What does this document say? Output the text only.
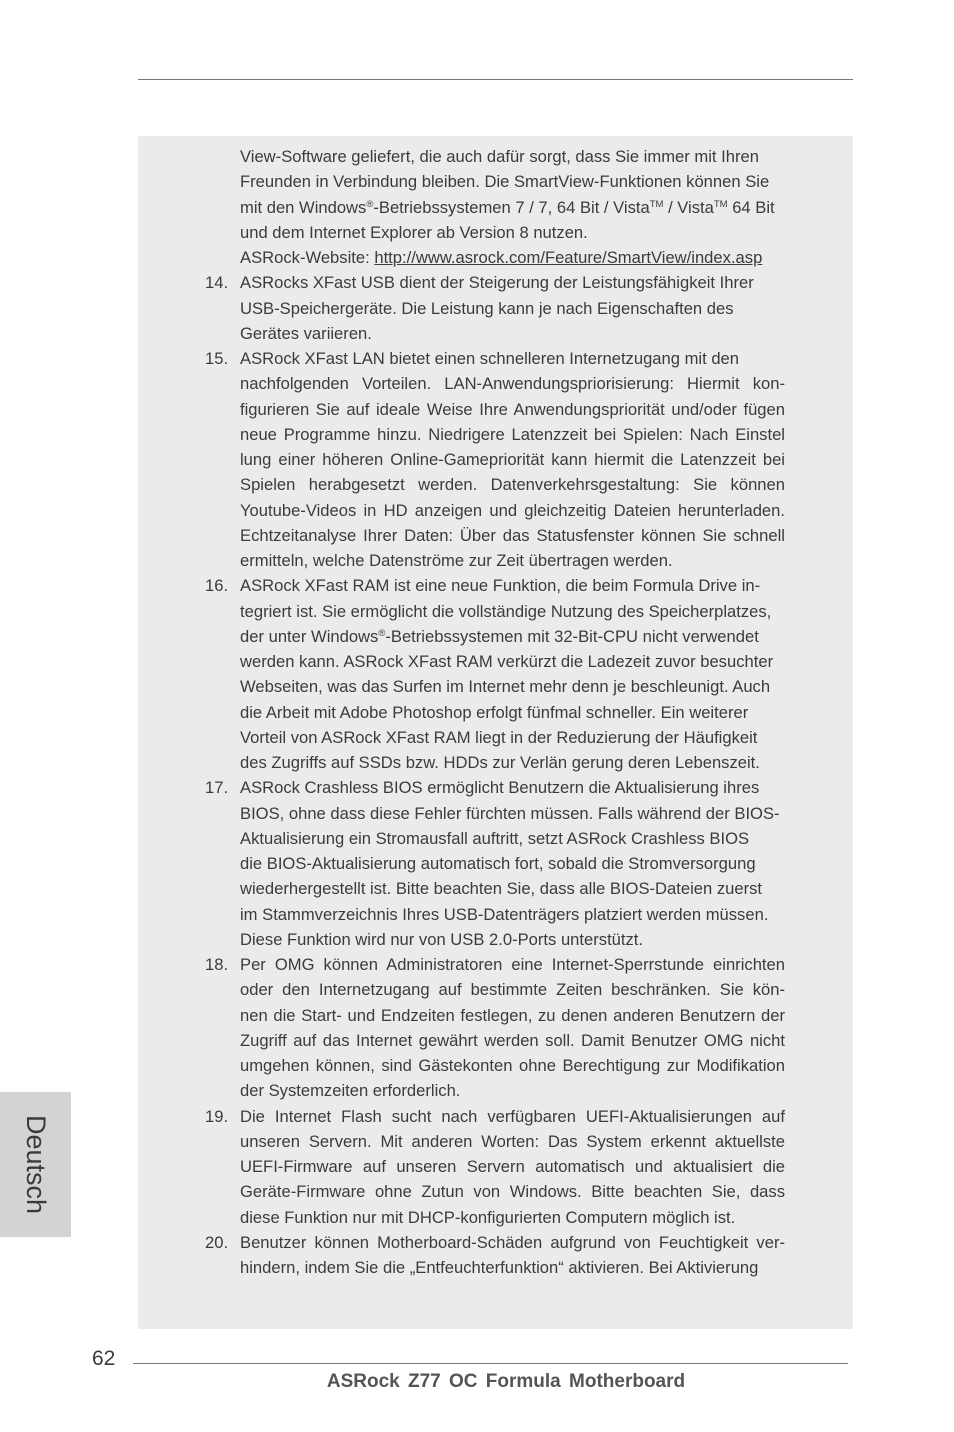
View-Software geliefert, die auch dafür sorgt, dass Sie immer mit Ihren
Freunden in Verbindung bleiben. Die SmartView-Funktionen können Sie
mit den Windows®-Betriebssystemen 7 / 7, 64 Bit / Vista™ / Vista™ 64 Bit
und dem Internet Explorer ab Version 8 nutzen.
ASRock-Website: http://www.asrock.com/Feature/SmartView/index.asp
14. ASRocks XFast USB dient der Steigerung der Leistungsfähigkeit Ihrer
USB-Speichergeräte. Die Leistung kann je nach Eigenschaften des
Gerätes variieren.
15. ASRock XFast LAN bietet einen schnelleren Internetzugang mit den
nachfolgenden Vorteilen. LAN-Anwendungspriorisierung: Hiermit kon-
figurieren Sie auf ideale Weise Ihre Anwendungspriorität und/oder fügen
neue Programme hinzu. Niedrigere Latenzzeit bei Spielen: Nach Einstel
lung einer höheren Online-Gamepriorität kann hiermit die Latenzzeit bei
Spielen herabgesetzt werden. Datenverkehrsgestaltung: Sie können
Youtube-Videos in HD anzeigen und gleichzeitig Dateien herunterladen.
Echtzeitanalyse Ihrer Daten: Über das Statusfenster können Sie schnell
ermitteln, welche Datenströme zur Zeit übertragen werden.
16. ASRock XFast RAM ist eine neue Funktion, die beim Formula Drive in-
tegriert ist. Sie ermöglicht die vollständige Nutzung des Speicherplatzes,
der unter Windows®-Betriebssystemen mit 32-Bit-CPU nicht verwendet
werden kann. ASRock XFast RAM verkürzt die Ladezeit zuvor besuchter
Webseiten, was das Surfen im Internet mehr denn je beschleunigt. Auch
die Arbeit mit Adobe Photoshop erfolgt fünfmal schneller. Ein weiterer
Vorteil von ASRock XFast RAM liegt in der Reduzierung der Häufigkeit
des Zugriffs auf SSDs bzw. HDDs zur Verlän gerung deren Lebenszeit.
17. ASRock Crashless BIOS ermöglicht Benutzern die Aktualisierung ihres
BIOS, ohne dass diese Fehler fürchten müssen. Falls während der BIOS-
Aktualisierung ein Stromausfall auftritt, setzt ASRock Crashless BIOS
die BIOS-Aktualisierung automatisch fort, sobald die Stromversorgung
wiederhergestellt ist. Bitte beachten Sie, dass alle BIOS-Dateien zuerst
im Stammverzeichnis Ihres USB-Datenträgers platziert werden müssen.
Diese Funktion wird nur von USB 2.0-Ports unterstützt.
18. Per OMG können Administratoren eine Internet-Sperrstunde einrichten
oder den Internetzugang auf bestimmte Zeiten beschränken. Sie kön-
nen die Start- und Endzeiten festlegen, zu denen anderen Benutzern der
Zugriff auf das Internet gewährt werden soll. Damit Benutzer OMG nicht
umgehen können, sind Gästekonten ohne Berechtigung zur Modifikation
der Systemzeiten erforderlich.
19. Die Internet Flash sucht nach verfügbaren UEFI-Aktualisierungen auf
unseren Servern. Mit anderen Worten: Das System erkennt aktuellste
UEFI-Firmware auf unseren Servern automatisch und aktualisiert die
Geräte-Firmware ohne Zutun von Windows. Bitte beachten Sie, dass
diese Funktion nur mit DHCP-konfigurierten Computern möglich ist.
20. Benutzer können Motherboard-Schäden aufgrund von Feuchtigkeit ver-
hindern, indem Sie die „Entfeuchterfunktion“ aktivieren. Bei Aktivierung
Deutsch
62
ASRock Z77 OC Formula Motherboard
